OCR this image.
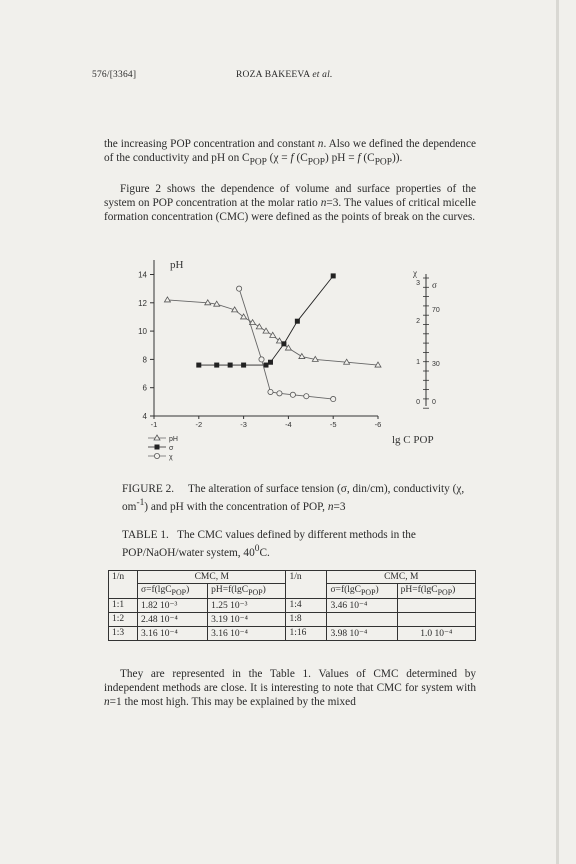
576/[3364]	ROZA BAKEEVA et al.

the increasing POP concentration and constant n. Also we defined the dependence of the conductivity and pH on $C_{POP}$ (χ = f $(C_{POP})$ pH = f $(C_{POP})$).

Figure 2 shows the dependence of volume and surface properties of the system on POP concentration at the molar ratio n=3. The values of critical micelle formation concentration (CMC) were defined as the points of break on the curves.

4
6
8
10
12
14
-1	-2	-3	-4	-5	-6
pH
0
1
2
3
0
30
70
χ
σ
lg C POP
pH
σ
χ
FIGURE 2. The alteration of surface tension (σ, din/cm), conductivity (χ, $om^{-1}$) and pH with the concentration of POP, n=3
TABLE 1. The CMC values defined by different methods in the POP/NaOH/water system, $40^0C$.
1/n	CMC, M		1/n	CMC, M	
	σ=f(lgC$_{POP}$)	pH=f(lgC$_{POP}$)		σ=f(lgC$_{POP}$)	pH=f(lgC$_{POP}$)
1:1	1.82 10⁻³	1.25 10⁻³	1:4	3.46 10⁻⁴	
1:2	2.48 10⁻⁴	3.19 10⁻⁴	1:8		
1:3	3.16 10⁻⁴	3.16 10⁻⁴	1:16	3.98 10⁻⁴	1.0 10⁻⁴

They are represented in the Table 1. Values of CMC determined by independent methods are close. It is interesting to note that CMC for system with n=1 the most high. This may be explained by the mixed
